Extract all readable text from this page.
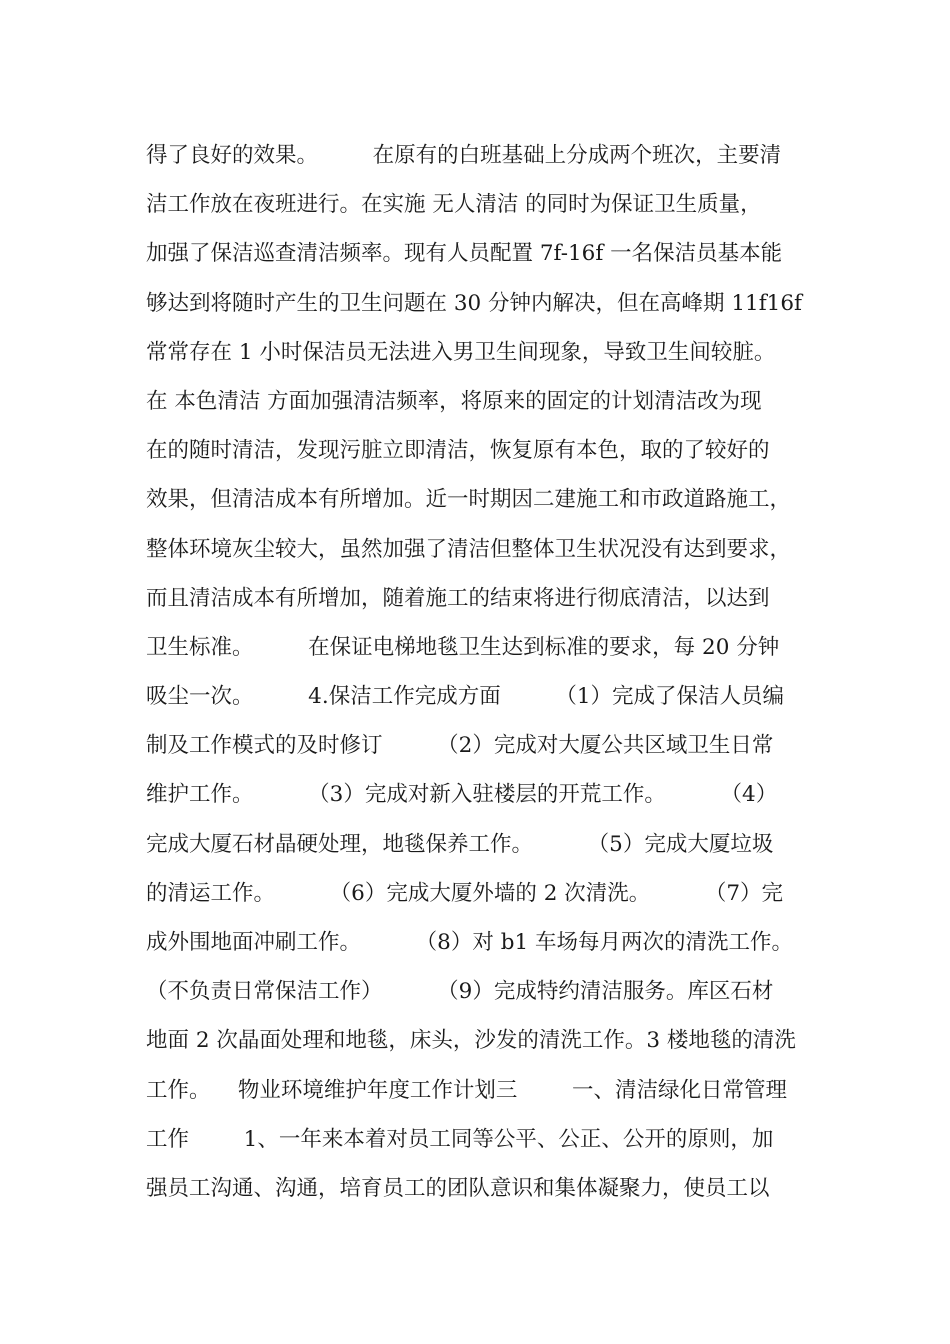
得了良好的效果。        在原有的白班基础上分成两个班次，主要清
洁工作放在夜班进行。在实施 无人清洁 的同时为保证卫生质量，
加强了保洁巡查清洁频率。现有人员配置 7f-16f 一名保洁员基本能
够达到将随时产生的卫生问题在 30 分钟内解决，但在高峰期 11f16f
常常存在 1 小时保洁员无法进入男卫生间现象，导致卫生间较脏。
在 本色清洁 方面加强清洁频率，将原来的固定的计划清洁改为现
在的随时清洁，发现污脏立即清洁，恢复原有本色，取的了较好的
效果，但清洁成本有所增加。近一时期因二建施工和市政道路施工，
整体环境灰尘较大，虽然加强了清洁但整体卫生状况没有达到要求，
而且清洁成本有所增加，随着施工的结束将进行彻底清洁，以达到
卫生标准。        在保证电梯地毯卫生达到标准的要求，每 20 分钟
吸尘一次。        4.保洁工作完成方面        （1）完成了保洁人员编
制及工作模式的及时修订        （2）完成对大厦公共区域卫生日常
维护工作。        （3）完成对新入驻楼层的开荒工作。        （4）
完成大厦石材晶硬处理，地毯保养工作。        （5）完成大厦垃圾
的清运工作。        （6）完成大厦外墙的 2 次清洗。        （7）完
成外围地面冲刷工作。        （8）对 b1 车场每月两次的清洗工作。
（不负责日常保洁工作）        （9）完成特约清洁服务。库区石材
地面 2 次晶面处理和地毯，床头，沙发的清洗工作。3 楼地毯的清洗
工作。    物业环境维护年度工作计划三        一、清洁绿化日常管理
工作        1、一年来本着对员工同等公平、公正、公开的原则，加
强员工沟通、沟通，培育员工的团队意识和集体凝聚力，使员工以
